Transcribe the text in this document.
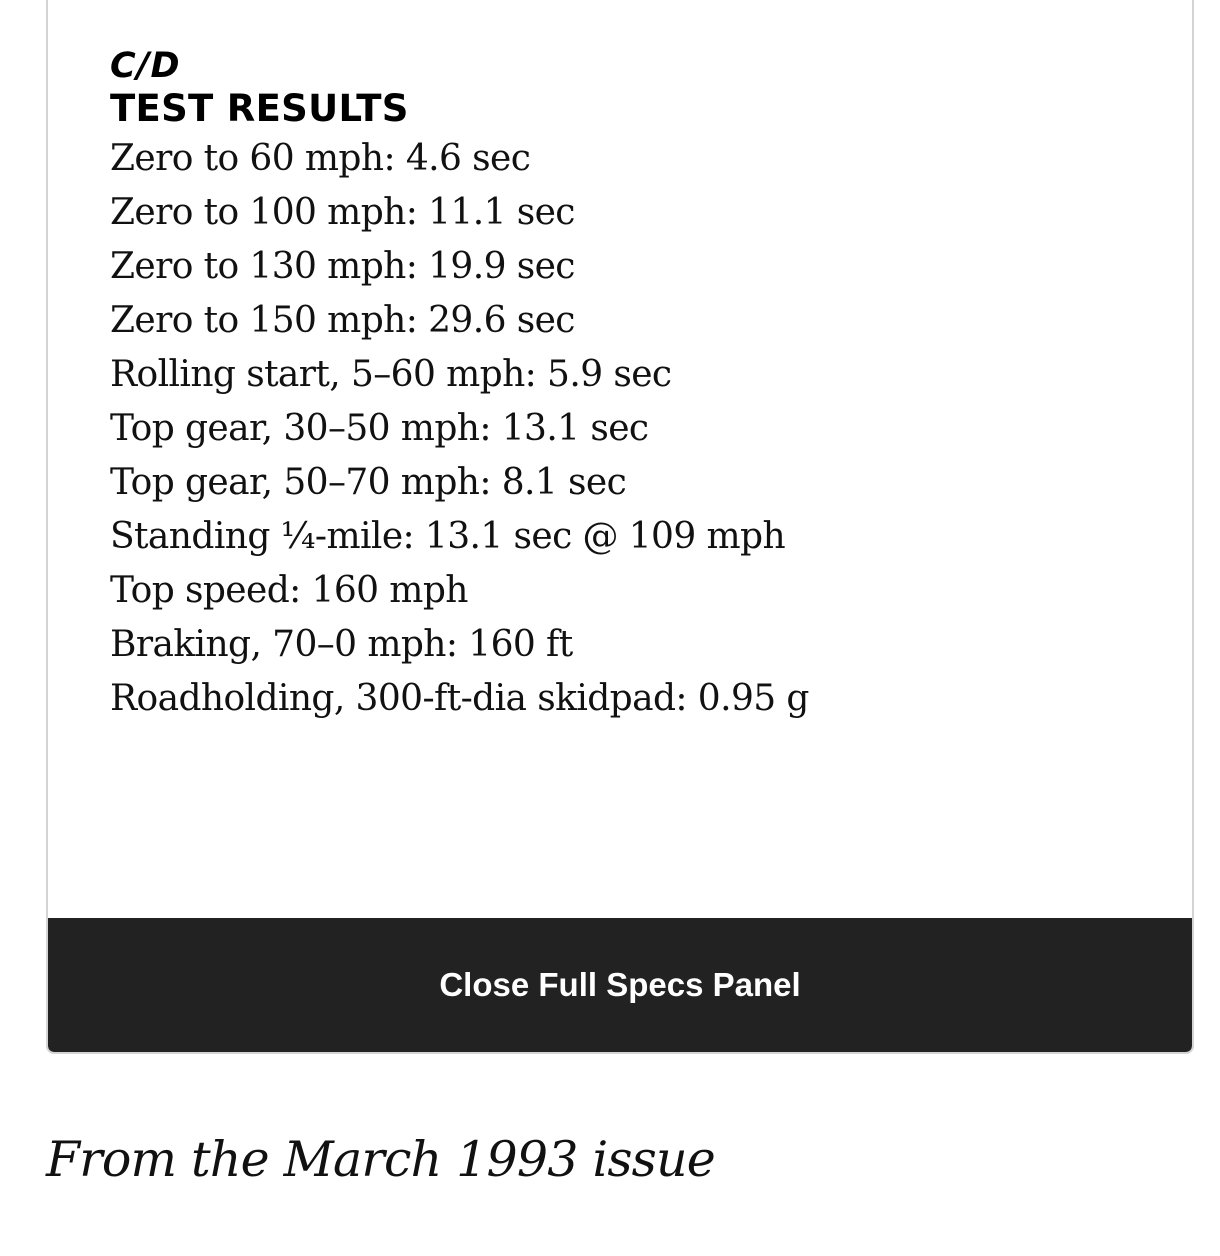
C/D
TEST RESULTS
Zero to 60 mph: 4.6 sec
Zero to 100 mph: 11.1 sec
Zero to 130 mph: 19.9 sec
Zero to 150 mph: 29.6 sec
Rolling start, 5–60 mph: 5.9 sec
Top gear, 30–50 mph: 13.1 sec
Top gear, 50–70 mph: 8.1 sec
Standing ¼-mile: 13.1 sec @ 109 mph
Top speed: 160 mph
Braking, 70–0 mph: 160 ft
Roadholding, 300-ft-dia skidpad: 0.95 g
Close Full Specs Panel
From the March 1993 issue
